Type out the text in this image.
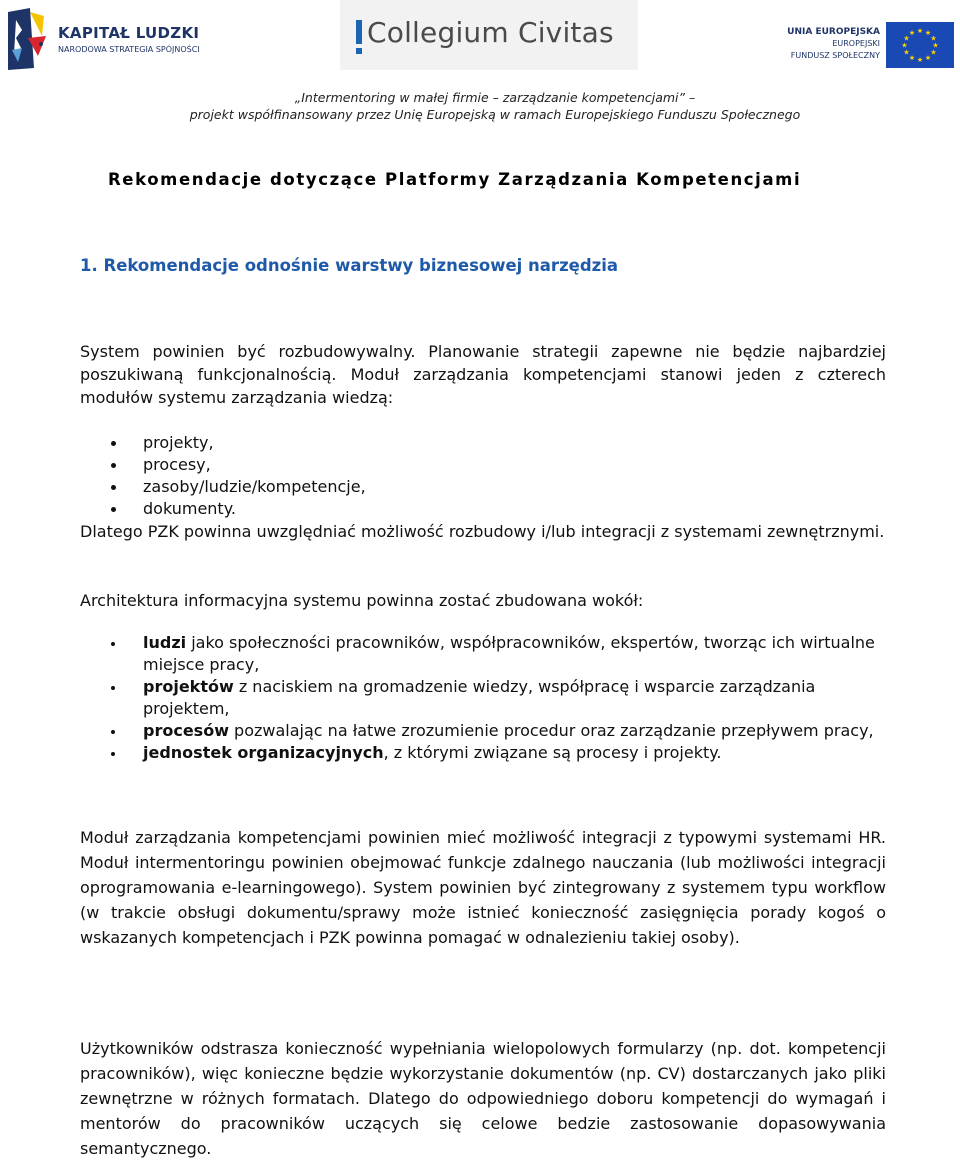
KAPITAŁ LUDZKI
NARODOWA STRATEGIA SPÓJNOŚCI
Collegium Civitas	UNIA EUROPEJSKA
EUROPEJSKI
FUNDUSZ SPOŁECZNY
★ ★
★
★
★
★
★
★
★
★
★
★
„Intermentoring w małej firmie – zarządzanie kompetencjami” –
projekt współfinansowany przez Unię Europejską w ramach Europejskiego Funduszu Społecznego
Rekomendacje dotyczące Platformy Zarządzania Kompetencjami
1. Rekomendacje odnośnie warstwy biznesowej narzędzia
System powinien być rozbudowywalny. Planowanie strategii zapewne nie będzie najbardziej poszukiwaną funkcjonalnością. Moduł zarządzania kompetencjami stanowi jeden z czterech modułów systemu zarządzania wiedzą:
projekty,
procesy,
zasoby/ludzie/kompetencje,
dokumenty.
Dlatego PZK powinna uwzględniać możliwość rozbudowy i/lub integracji z systemami zewnętrznymi.
Architektura informacyjna systemu powinna zostać zbudowana wokół:
ludzi jako społeczności pracowników, współpracowników, ekspertów, tworząc ich wirtualne miejsce pracy,
projektów z naciskiem na gromadzenie wiedzy, współpracę i wsparcie zarządzania projektem,
procesów pozwalając na łatwe zrozumienie procedur oraz zarządzanie przepływem pracy,
jednostek organizacyjnych, z którymi związane są procesy i projekty.
Moduł zarządzania kompetencjami powinien mieć możliwość integracji z typowymi systemami HR. Moduł intermentoringu powinien obejmować funkcje zdalnego nauczania (lub możliwości integracji oprogramowania e-learningowego). System powinien być zintegrowany z systemem typu workflow (w trakcie obsługi dokumentu/sprawy może istnieć konieczność zasięgnięcia porady kogoś o wskazanych kompetencjach i PZK powinna pomagać w odnalezieniu takiej osoby).
Użytkowników odstrasza konieczność wypełniania wielopolowych formularzy (np. dot. kompetencji pracowników), więc konieczne będzie wykorzystanie dokumentów (np. CV) dostarczanych jako pliki zewnętrzne w różnych formatach. Dlatego do odpowiedniego doboru kompetencji do wymagań i mentorów do pracowników uczących się celowe bedzie zastosowanie dopasowywania semantycznego.
